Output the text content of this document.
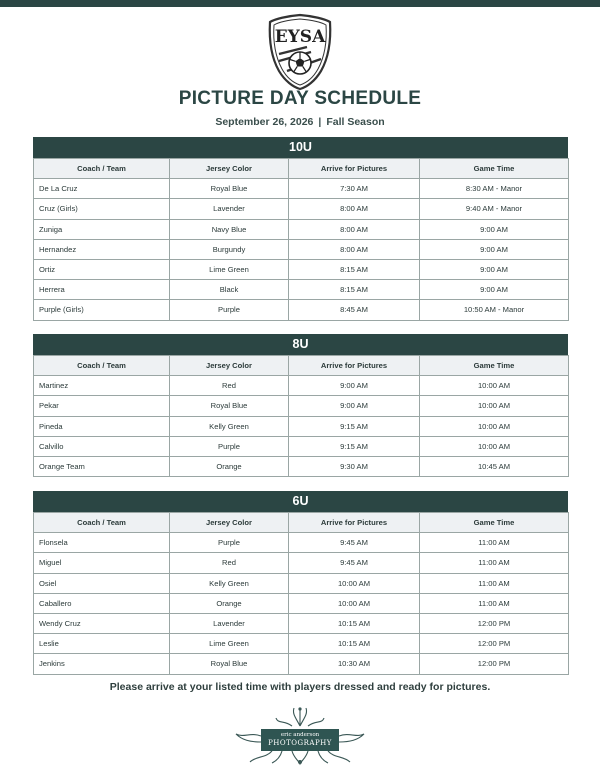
EYSA
PICTURE DAY SCHEDULE
September 26, 2026 | Fall Season
10U
Coach / Team	Jersey Color	Arrive for Pictures	Game Time
De La Cruz	Royal Blue	7:30 AM	8:30 AM - Manor
Cruz (Girls)	Lavender	8:00 AM	9:40 AM - Manor
Zuniga	Navy Blue	8:00 AM	9:00 AM
Hernandez	Burgundy	8:00 AM	9:00 AM
Ortiz	Lime Green	8:15 AM	9:00 AM
Herrera	Black	8:15 AM	9:00 AM
Purple (Girls)	Purple	8:45 AM	10:50 AM - Manor
8U
Coach / Team	Jersey Color	Arrive for Pictures	Game Time
Martinez	Red	9:00 AM	10:00 AM
Pekar	Royal Blue	9:00 AM	10:00 AM
Pineda	Kelly Green	9:15 AM	10:00 AM
Calvillo	Purple	9:15 AM	10:00 AM
Orange Team	Orange	9:30 AM	10:45 AM
6U
Coach / Team	Jersey Color	Arrive for Pictures	Game Time
Flonsela	Purple	9:45 AM	11:00 AM
Miguel	Red	9:45 AM	11:00 AM
Osiel	Kelly Green	10:00 AM	11:00 AM
Caballero	Orange	10:00 AM	11:00 AM
Wendy Cruz	Lavender	10:15 AM	12:00 PM
Leslie	Lime Green	10:15 AM	12:00 PM
Jenkins	Royal Blue	10:30 AM	12:00 PM
Please arrive at your listed time with players dressed and ready for pictures.
eric anderson
PHOTOGRAPHY
